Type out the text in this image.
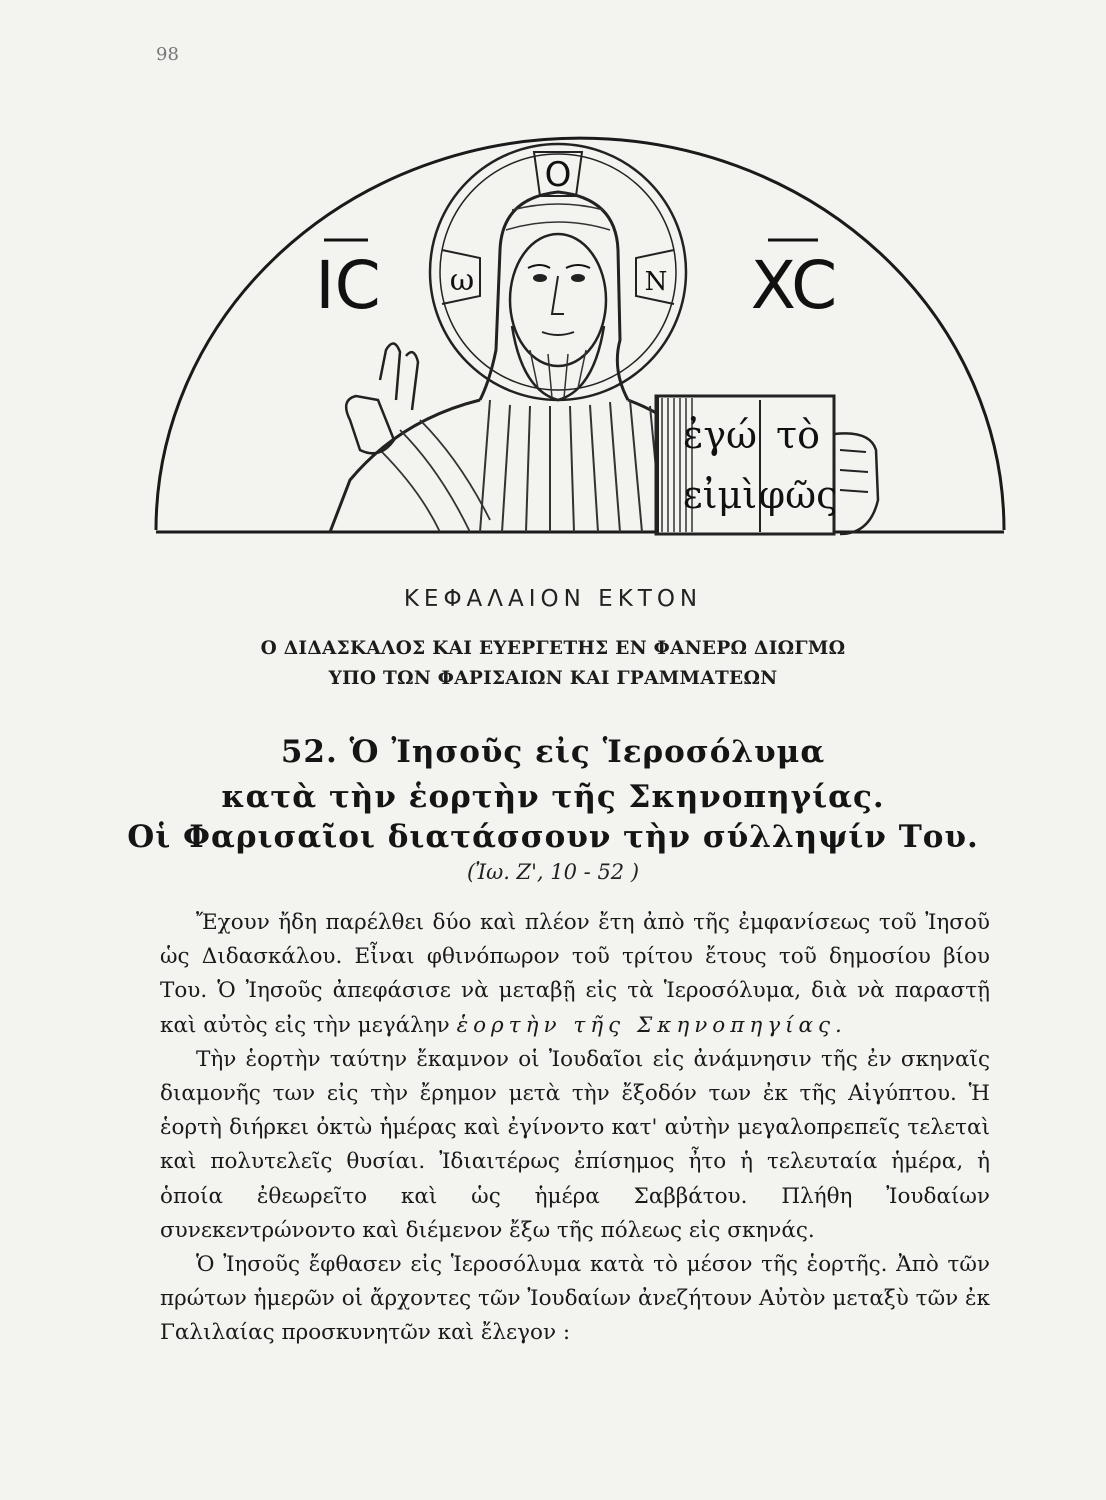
98
Ο
ω	Ν
ἐγώ τὸ
εἰμὶ φῶς
IC	XC
ΚΕΦΑΛΑΙΟΝ ΕΚΤΟΝ
Ο ΔΙΔΑΣΚΑΛΟΣ ΚΑΙ ΕΥΕΡΓΕΤΗΣ ΕΝ ΦΑΝΕΡΩ ΔΙΩΓΜΩ
ΥΠΟ ΤΩΝ ΦΑΡΙΣΑΙΩΝ ΚΑΙ ΓΡΑΜΜΑΤΕΩΝ
52. Ὁ Ἰησοῦς εἰς Ἱεροσόλυμα
κατὰ τὴν ἑορτὴν τῆς Σκηνοπηγίας.
Οἱ Φαρισαῖοι διατάσσουν τὴν σύλληψίν Του.
(Ἰω. Ζ', 10 - 52 )

Ἔχουν ἤδη παρέλθει δύο καὶ πλέον ἔτη ἀπὸ τῆς ἐμφανίσεως τοῦ Ἰησοῦ ὡς Διδασκάλου. Εἶναι φθινόπωρον τοῦ τρίτου ἔτους τοῦ δημοσίου βίου Του. Ὁ Ἰησοῦς ἀπεφάσισε νὰ μεταβῇ εἰς τὰ Ἱεροσόλυμα, διὰ νὰ παραστῇ καὶ αὐτὸς εἰς τὴν μεγάλην ἑορτὴν τῆς Σκηνοπηγίας.

Τὴν ἑορτὴν ταύτην ἔκαμνον οἱ Ἰουδαῖοι εἰς ἀνάμνησιν τῆς ἐν σκηναῖς διαμονῆς των εἰς τὴν ἔρημον μετὰ τὴν ἔξοδόν των ἐκ τῆς Αἰγύπτου. Ἡ ἑορτὴ διήρκει ὀκτὼ ἡμέρας καὶ ἐγίνοντο κατ' αὐτὴν μεγαλοπρεπεῖς τελεταὶ καὶ πολυτελεῖς θυσίαι. Ἰδιαιτέρως ἐπίσημος ἦτο ἡ τελευταία ἡμέρα, ἡ ὁποία ἐθεωρεῖτο καὶ ὡς ἡμέρα Σαββάτου. Πλήθη Ἰουδαίων συνεκεντρώνοντο καὶ διέμενον ἔξω τῆς πόλεως εἰς σκηνάς.

Ὁ Ἰησοῦς ἔφθασεν εἰς Ἱεροσόλυμα κατὰ τὸ μέσον τῆς ἑορτῆς. Ἀπὸ τῶν πρώτων ἡμερῶν οἱ ἄρχοντες τῶν Ἰουδαίων ἀνεζήτουν Αὐτὸν μεταξὺ τῶν ἐκ Γαλιλαίας προσκυνητῶν καὶ ἔλεγον :
